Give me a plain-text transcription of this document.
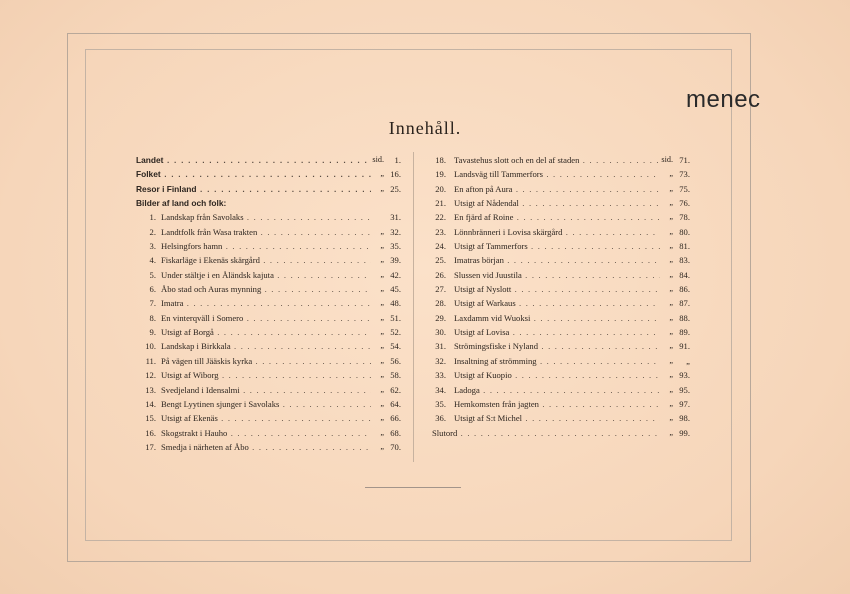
menec
Innehåll.
Landet . . .	sid.	1.
Folket . . .	„ 16.
Resor i Finland . . .	„ 25.
Bilder af land och folk:
1. Landskap från Savolaks . . .	31.
2. Landtfolk från Wasa trakten . . .	„ 32.
3. Helsingfors hamn . . .	„ 35.
4. Fiskarläge i Ekenäs skärgård . . .	„ 39.
5. Under stältje i en Åländsk kajuta . . .	„ 42.
6. Åbo stad och Auras mynning . . .	„ 45.
7. Imatra . . .	„ 48.
8. En vinterqväll i Somero . . .	„ 51.
9. Utsigt af Borgå . . .	„ 52.
10. Landskap i Birkkala . . .	„ 54.
11. På vägen till Jääskis kyrka . . .	„ 56.
12. Utsigt af Wiborg . . .	„ 58.
13. Svedjeland i Idensalmi . . .	„ 62.
14. Bengt Lyytinen sjunger i Savolaks . . .	„ 64.
15. Utsigt af Ekenäs . . .	„ 66.
16. Skogstrakt i Hauho . . .	„ 68.
17. Smedja i närheten af Åbo . . .	„ 70.
18. Tavastehus slott och en del af staden . . .	sid. 71.
19. Landsväg till Tammerfors . . .	„ 73.
20. En afton på Aura . . .	„ 75.
21. Utsigt af Nådendal . . .	„ 76.
22. En fjärd af Roine . . .	„ 78.
23. Lönnbränneri i Lovisa skärgård . . .	„ 80.
24. Utsigt af Tammerfors . . .	„ 81.
25. Imatras början . . .	„ 83.
26. Slussen vid Juustila . . .	„ 84.
27. Utsigt af Nyslott . . .	„ 86.
28. Utsigt af Warkaus . . .	„ 87.
29. Laxdamm vid Wuoksi . . .	„ 88.
30. Utsigt af Lovisa . . .	„ 89.
31. Strömingsfiske i Nyland . . .	„ 91.
32. Insaltning af strömming . . .	„	„
33. Utsigt af Kuopio . . .	„ 93.
34. Ladoga . . .	„ 95.
35. Hemkomsten från jagten . . .	„ 97.
36. Utsigt af S:t Michel . . .	„ 98.
Slutord . . .	„ 99.
